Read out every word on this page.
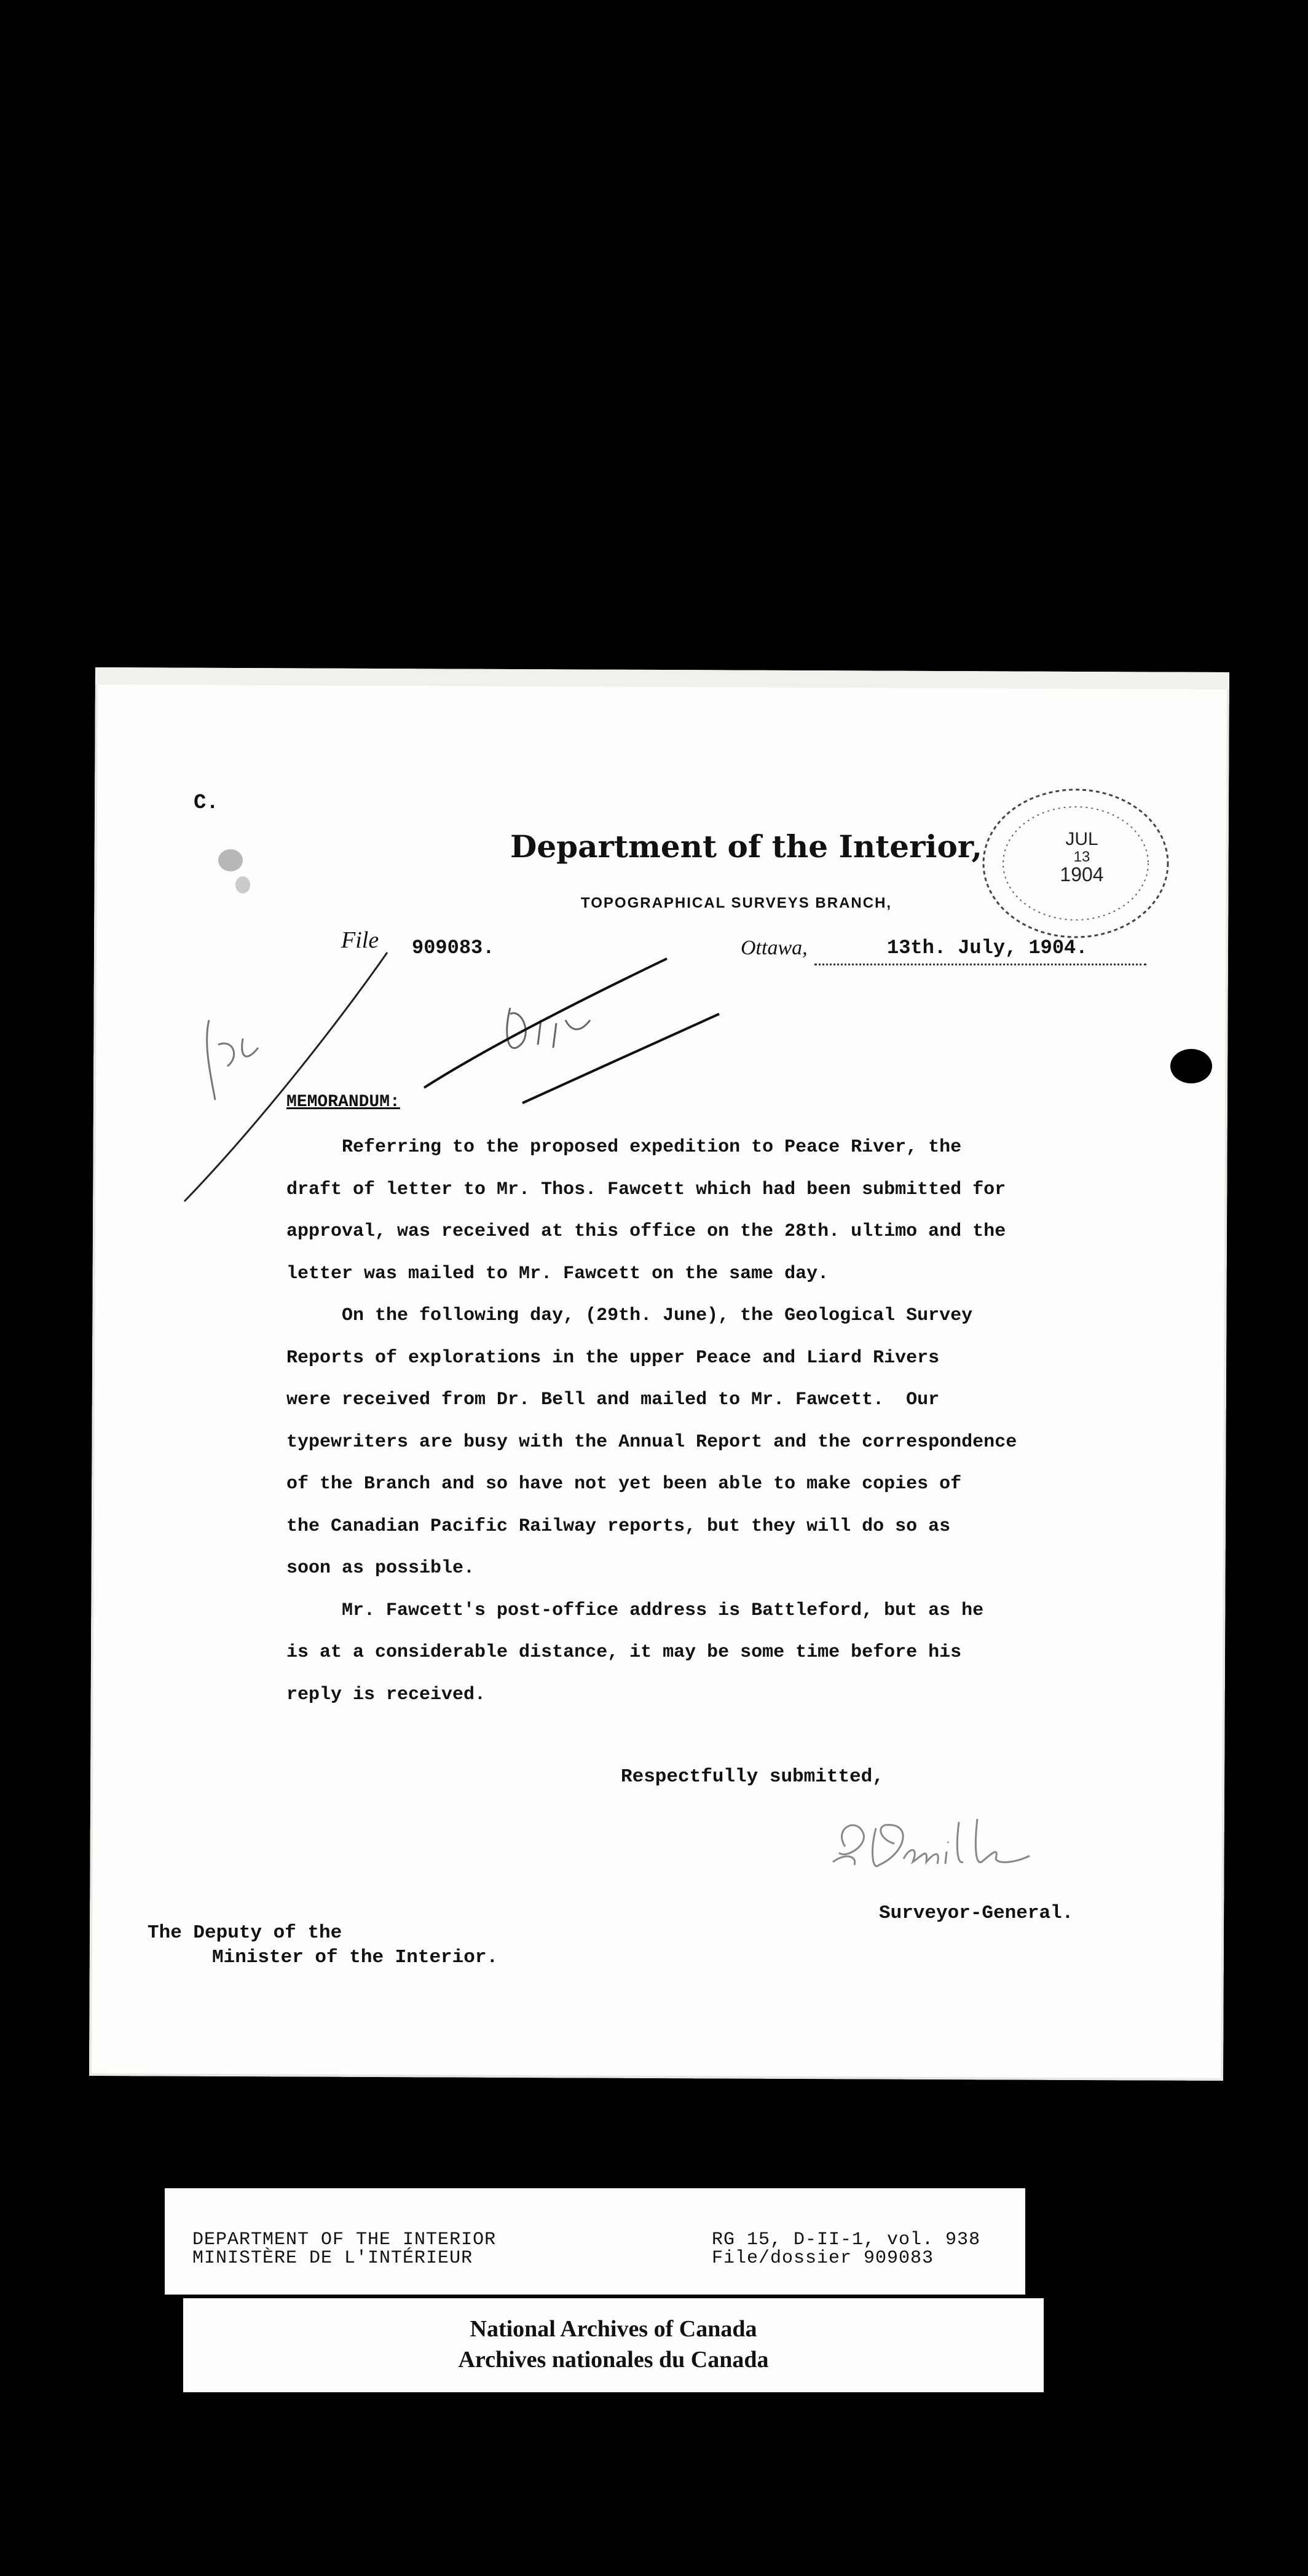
C.
Department of the Interior,
TOPOGRAPHICAL SURVEYS BRANCH,
File 909083.	Ottawa,	13th. July, 1904.
JUL
13
1904
MEMORANDUM:
Referring to the proposed expedition to Peace River, the
draft of letter to Mr. Thos. Fawcett which had been submitted for
approval, was received at this office on the 28th. ultimo and the
letter was mailed to Mr. Fawcett on the same day.
On the following day, (29th. June), the Geological Survey
Reports of explorations in the upper Peace and Liard Rivers
were received from Dr. Bell and mailed to Mr. Fawcett.  Our
typewriters are busy with the Annual Report and the correspondence
of the Branch and so have not yet been able to make copies of
the Canadian Pacific Railway reports, but they will do so as
soon as possible.
Mr. Fawcett's post-office address is Battleford, but as he
is at a considerable distance, it may be some time before his
reply is received.
Respectfully submitted,
Surveyor-General.
The Deputy of the
Minister of the Interior.
DEPARTMENT OF THE INTERIOR
MINISTÈRE DE L'INTÉRIEUR
RG 15, D-II-1, vol. 938
File/dossier 909083
National Archives of Canada
Archives nationales du Canada
